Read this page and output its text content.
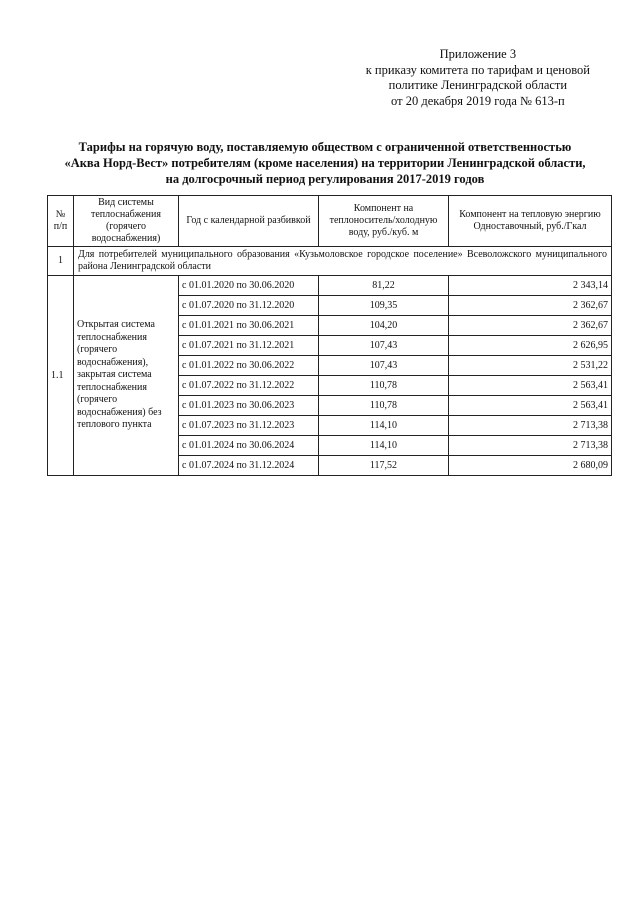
Приложение 3
к приказу комитета по тарифам и ценовой
политике Ленинградской области
от 20 декабря 2019 года № 613-п
Тарифы на горячую воду, поставляемую обществом с ограниченной ответственностью
«Аква Норд-Вест» потребителям (кроме населения) на территории Ленинградской области,
на долгосрочный период регулирования 2017-2019 годов
№ п/п	Вид системы теплоснабжения (горячего водоснабжения)	Год с календарной разбивкой	Компонент на теплоноситель/холодную воду, руб./куб. м	Компонент на тепловую энергию Одноставочный, руб./Гкал
1	Для потребителей муниципального образования «Кузьмоловское городское поселение» Всеволожского муниципального района Ленинградской области			
1.1	Открытая система теплоснабжения (горячего водоснабжения), закрытая система теплоснабжения (горячего водоснабжения) без теплового пункта	с 01.01.2020 по 30.06.2020	81,22	2 343,14
		с 01.07.2020 по 31.12.2020	109,35	2 362,67
		с 01.01.2021 по 30.06.2021	104,20	2 362,67
		с 01.07.2021 по 31.12.2021	107,43	2 626,95
		с 01.01.2022 по 30.06.2022	107,43	2 531,22
		с 01.07.2022 по 31.12.2022	110,78	2 563,41
		с 01.01.2023 по 30.06.2023	110,78	2 563,41
		с 01.07.2023 по 31.12.2023	114,10	2 713,38
		с 01.01.2024 по 30.06.2024	114,10	2 713,38
		с 01.07.2024 по 31.12.2024	117,52	2 680,09
